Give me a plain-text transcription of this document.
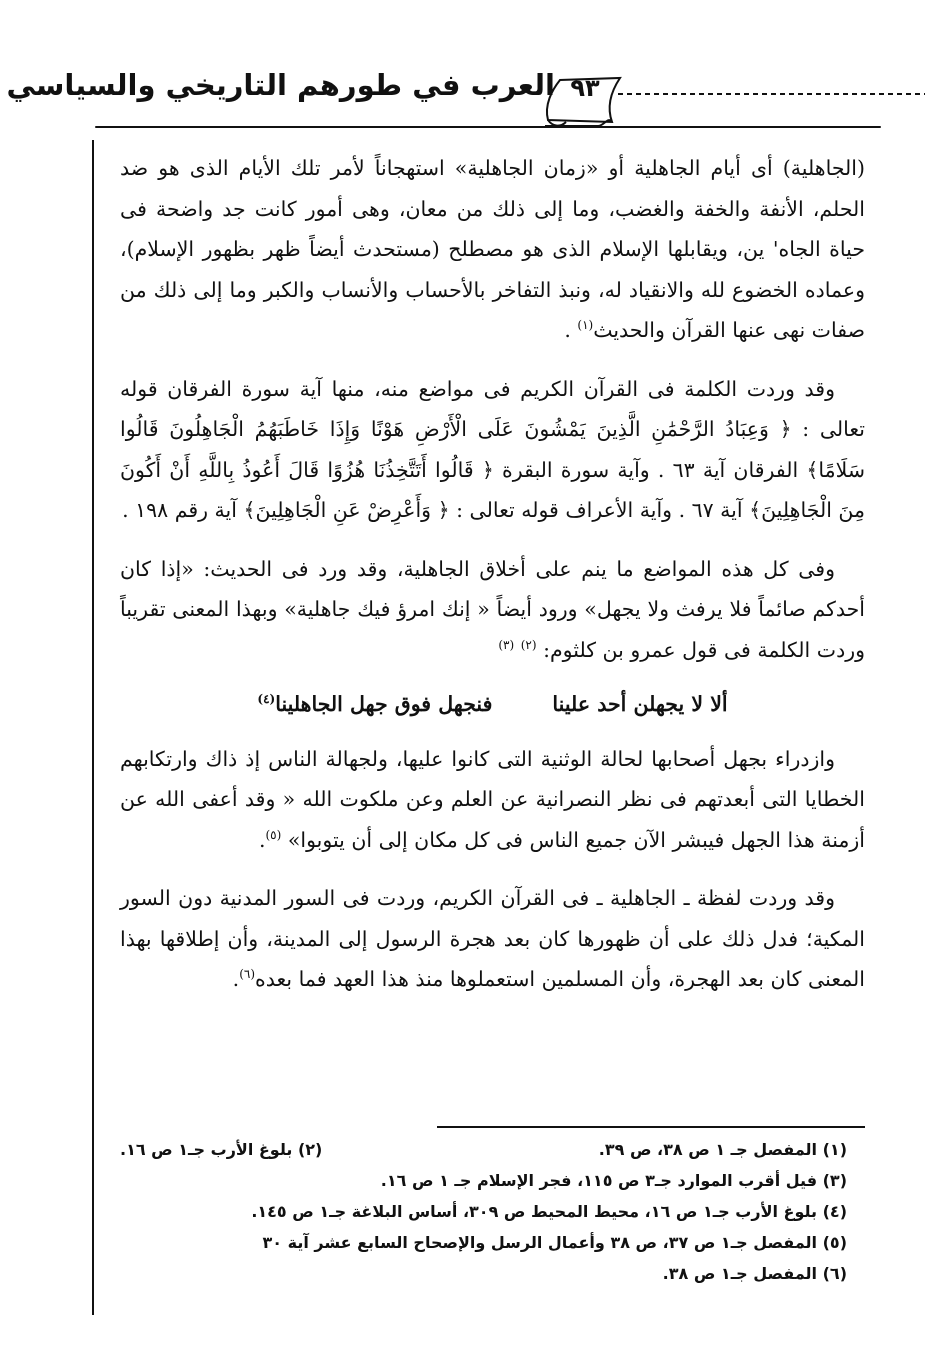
العرب في طورهم التاريخي والسياسي ٩٣

(الجاهلية) أى أيام الجاهلية أو «زمان الجاهلية» استهجاناً لأمر تلك الأيام الذى هو ضد الحلم، الأنفة والخفة والغضب، وما إلى ذلك من معان، وهى أمور كانت جد واضحة فى حياة الجاه' ين، ويقابلها الإسلام الذى هو مصطلح (مستحدث أيضاً ظهر بظهور الإسلام)، وعماده الخضوع لله والانقياد له، ونبذ التفاخر بالأحساب والأنساب والكبر وما إلى ذلك من صفات نهى عنها القرآن والحديث$^{(١)}$ .

وقد وردت الكلمة فى القرآن الكريم فى مواضع منه، منها آية سورة الفرقان قوله تعالى : ﴿ وَعِبَادُ الرَّحْمَٰنِ الَّذِينَ يَمْشُونَ عَلَى الْأَرْضِ هَوْنًا وَإِذَا خَاطَبَهُمُ الْجَاهِلُونَ قَالُوا سَلَامًا﴾ الفرقان آية ٦٣ . وآية سورة البقرة ﴿ قَالُوا أَتَتَّخِذُنَا هُزُوًا قَالَ أَعُوذُ بِاللَّهِ أَنْ أَكُونَ مِنَ الْجَاهِلِينَ﴾ آية ٦٧ . وآية الأعراف قوله تعالى : ﴿ وَأَعْرِضْ عَنِ الْجَاهِلِينَ﴾ آية رقم ١٩٨ .

وفى كل هذه المواضع ما ينم على أخلاق الجاهلية، وقد ورد فى الحديث: «إذا كان أحدكم صائماً فلا يرفث ولا يجهل» ورود أيضاً « إنك امرؤ فيك جاهلية» وبهذا المعنى تقريباً وردت الكلمة فى قول عمرو بن كلثوم: $^{(٢)}$ $^{(٣)}$

ألا لا يجهلن أحد علينا
فنجهل فوق جهل الجاهلينا$^{(٤)}$

وازدراء بجهل أصحابها لحالة الوثنية التى كانوا عليها، ولجهالة الناس إذ ذاك وارتكابهم الخطايا التى أبعدتهم فى نظر النصرانية عن العلم وعن ملكوت الله « وقد أعفى الله عن أزمنة هذا الجهل فيبشر الآن جميع الناس فى كل مكان إلى أن يتوبوا» $^{(٥)}$.

وقد وردت لفظة ـ الجاهلية ـ فى القرآن الكريم، وردت فى السور المدنية دون السور المكية؛ فدل ذلك على أن ظهورها كان بعد هجرة الرسول إلى المدينة، وأن إطلاقها بهذا المعنى كان بعد الهجرة، وأن المسلمين استعملوها منذ هذا العهد فما بعده$^{(٦)}$.

(١) المفصل جـ ١ ص ٣٨، ص ٣٩.
(٢) بلوغ الأرب جـ١ ص ١٦.
(٣) فيل أقرب الموارد جـ٣ ص ١١٥، فجر الإسلام جـ ١ ص ١٦.
(٤) بلوغ الأرب جـ١ ص ١٦، محيط المحيط ص ٣٠٩، أساس البلاغة جـ١ ص ١٤٥.
(٥) المفصل جـ١ ص ٣٧، ص ٣٨ وأعمال الرسل والإصحاح السابع عشر آية ٣٠
(٦) المفصل جـ١ ص ٣٨.
